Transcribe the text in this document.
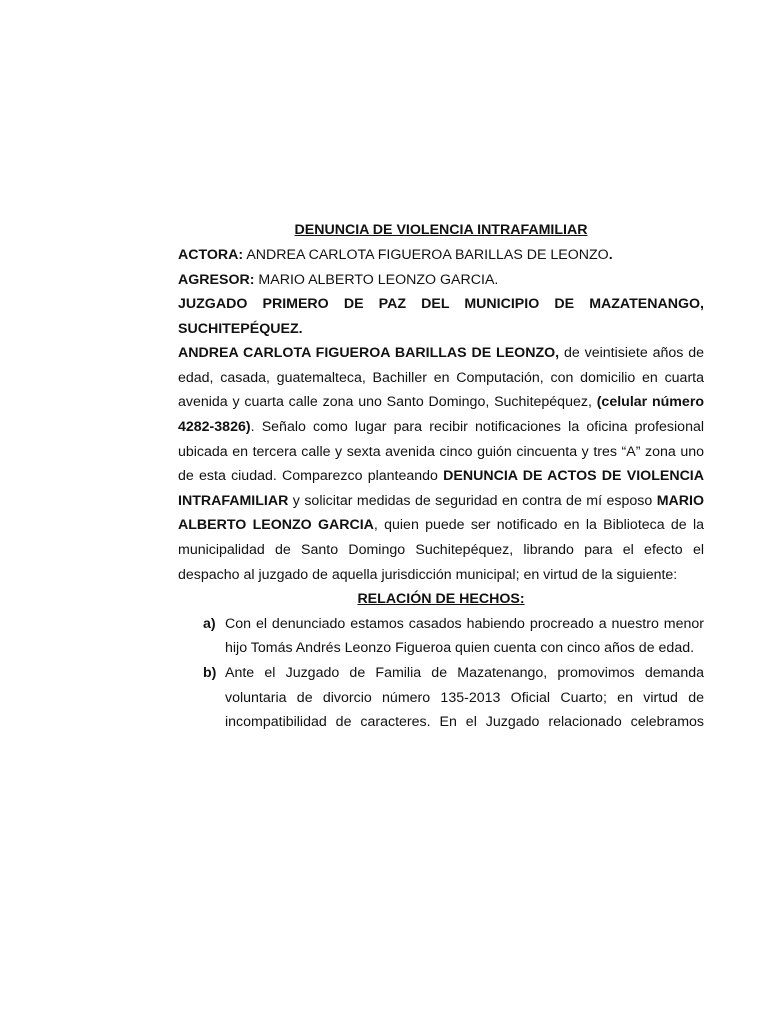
DENUNCIA DE VIOLENCIA INTRAFAMILIAR
ACTORA: ANDREA CARLOTA FIGUEROA BARILLAS DE LEONZO.
AGRESOR: MARIO ALBERTO LEONZO GARCIA.
JUZGADO PRIMERO DE PAZ DEL MUNICIPIO DE MAZATENANGO, SUCHITEPÉQUEZ.
ANDREA CARLOTA FIGUEROA BARILLAS DE LEONZO, de veintisiete años de edad, casada, guatemalteca, Bachiller en Computación, con domicilio en cuarta avenida y cuarta calle zona uno Santo Domingo, Suchitepéquez, (celular número 4282-3826). Señalo como lugar para recibir notificaciones la oficina profesional ubicada en tercera calle y sexta avenida cinco guión cincuenta y tres “A” zona uno de esta ciudad. Comparezco planteando DENUNCIA DE ACTOS DE VIOLENCIA INTRAFAMILIAR y solicitar medidas de seguridad en contra de mí esposo MARIO ALBERTO LEONZO GARCIA, quien puede ser notificado en la Biblioteca de la municipalidad de Santo Domingo Suchitepéquez, librando para el efecto el despacho al juzgado de aquella jurisdicción municipal; en virtud de la siguiente:
RELACIÓN DE HECHOS:
a) Con el denunciado estamos casados habiendo procreado a nuestro menor hijo Tomás Andrés Leonzo Figueroa quien cuenta con cinco años de edad.
b) Ante el Juzgado de Familia de Mazatenango, promovimos demanda voluntaria de divorcio número 135-2013 Oficial Cuarto; en virtud de incompatibilidad de caracteres. En el Juzgado relacionado celebramos
